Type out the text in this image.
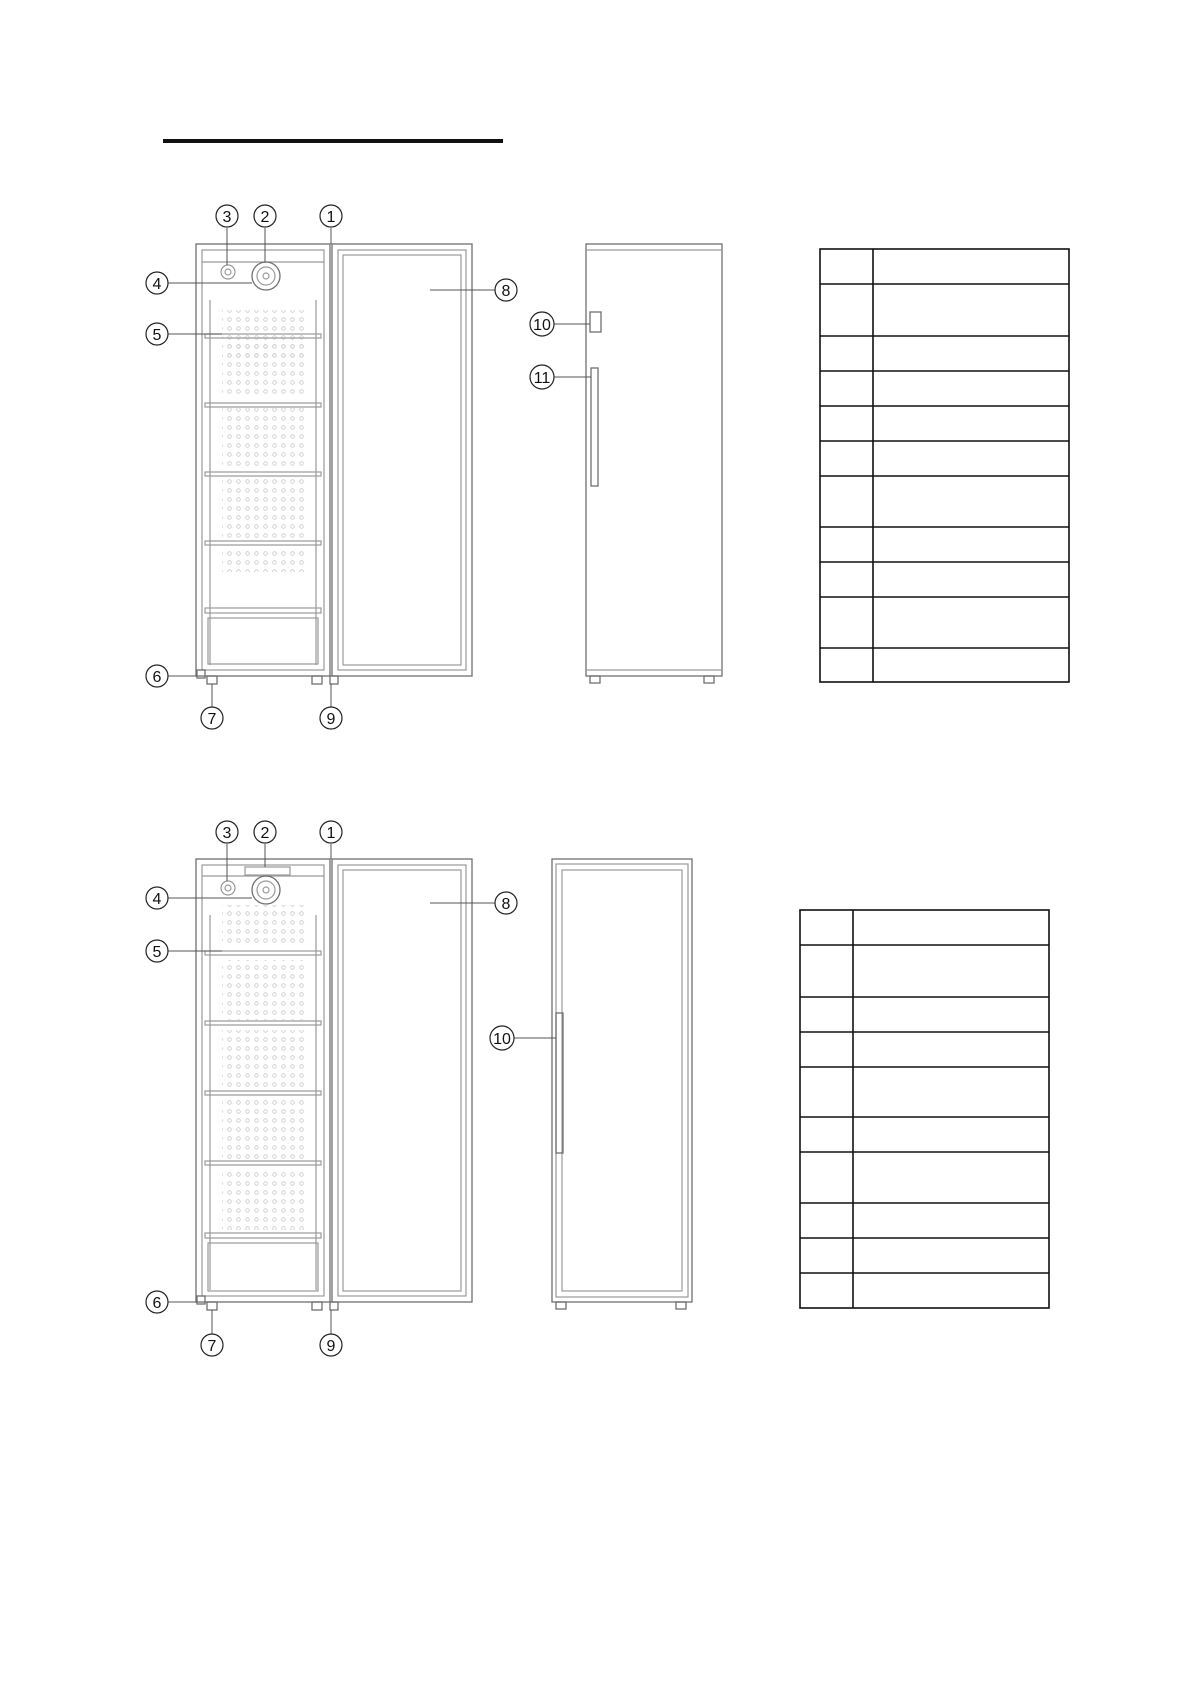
1
2
3
4
5
6
7
8
9
10
11
1
2
3
4
5
6
7
8
9
10
